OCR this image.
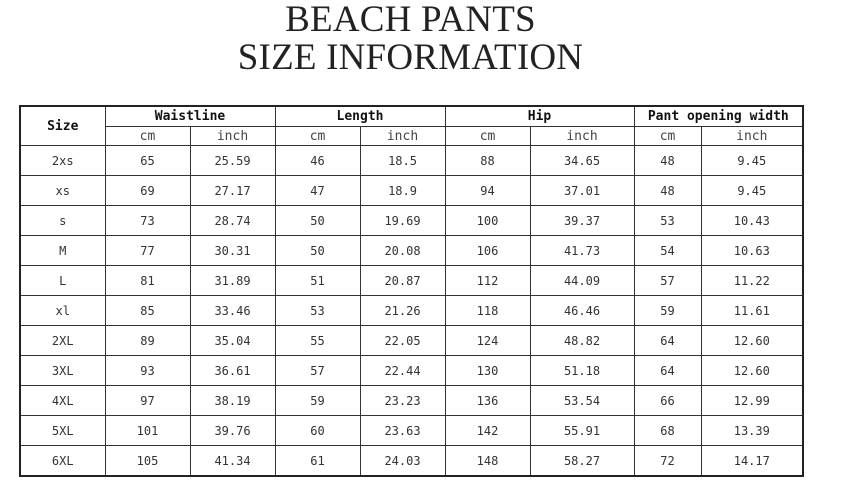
BEACH PANTS
SIZE INFORMATION
Size	Waistline		Length		Hip		Pant opening width	
	cm	inch	cm	inch	cm	inch	cm	inch
2xs	65	25.59	46	18.5	88	34.65	48	9.45
xs	69	27.17	47	18.9	94	37.01	48	9.45
s	73	28.74	50	19.69	100	39.37	53	10.43
M	77	30.31	50	20.08	106	41.73	54	10.63
L	81	31.89	51	20.87	112	44.09	57	11.22
xl	85	33.46	53	21.26	118	46.46	59	11.61
2XL	89	35.04	55	22.05	124	48.82	64	12.60
3XL	93	36.61	57	22.44	130	51.18	64	12.60
4XL	97	38.19	59	23.23	136	53.54	66	12.99
5XL	101	39.76	60	23.63	142	55.91	68	13.39
6XL	105	41.34	61	24.03	148	58.27	72	14.17
